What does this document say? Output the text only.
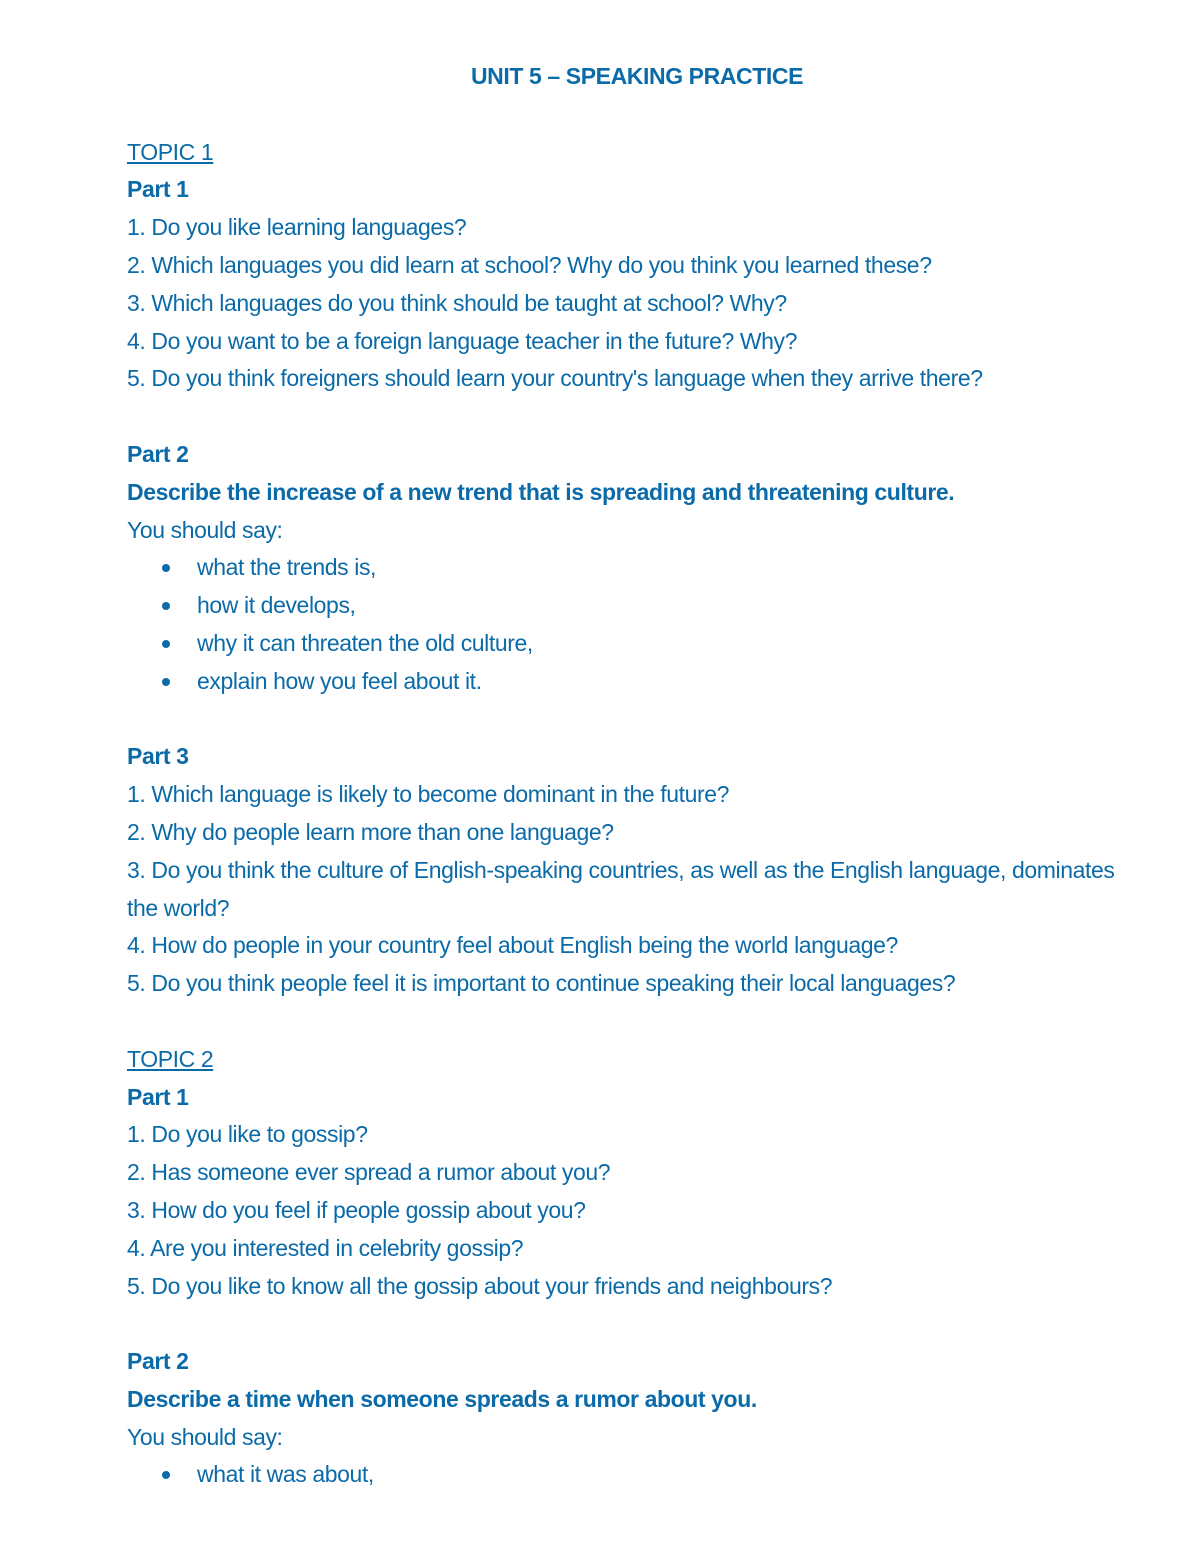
UNIT 5 – SPEAKING PRACTICE

TOPIC 1

Part 1

1. Do you like learning languages?

2. Which languages you did learn at school? Why do you think you learned these?

3. Which languages do you think should be taught at school? Why?

4. Do you want to be a foreign language teacher in the future? Why?

5. Do you think foreigners should learn your country's language when they arrive there?

Part 2

Describe the increase of a new trend that is spreading and threatening culture.

You should say:

what the trends is,
how it develops,
why it can threaten the old culture,
explain how you feel about it.

Part 3

1. Which language is likely to become dominant in the future?

2. Why do people learn more than one language?

3. Do you think the culture of English-speaking countries, as well as the English language, dominates the world?

4. How do people in your country feel about English being the world language?

5. Do you think people feel it is important to continue speaking their local languages?

TOPIC 2

Part 1

1. Do you like to gossip?

2. Has someone ever spread a rumor about you?

3. How do you feel if people gossip about you?

4. Are you interested in celebrity gossip?

5. Do you like to know all the gossip about your friends and neighbours?

Part 2

Describe a time when someone spreads a rumor about you.

You should say:

what it was about,
